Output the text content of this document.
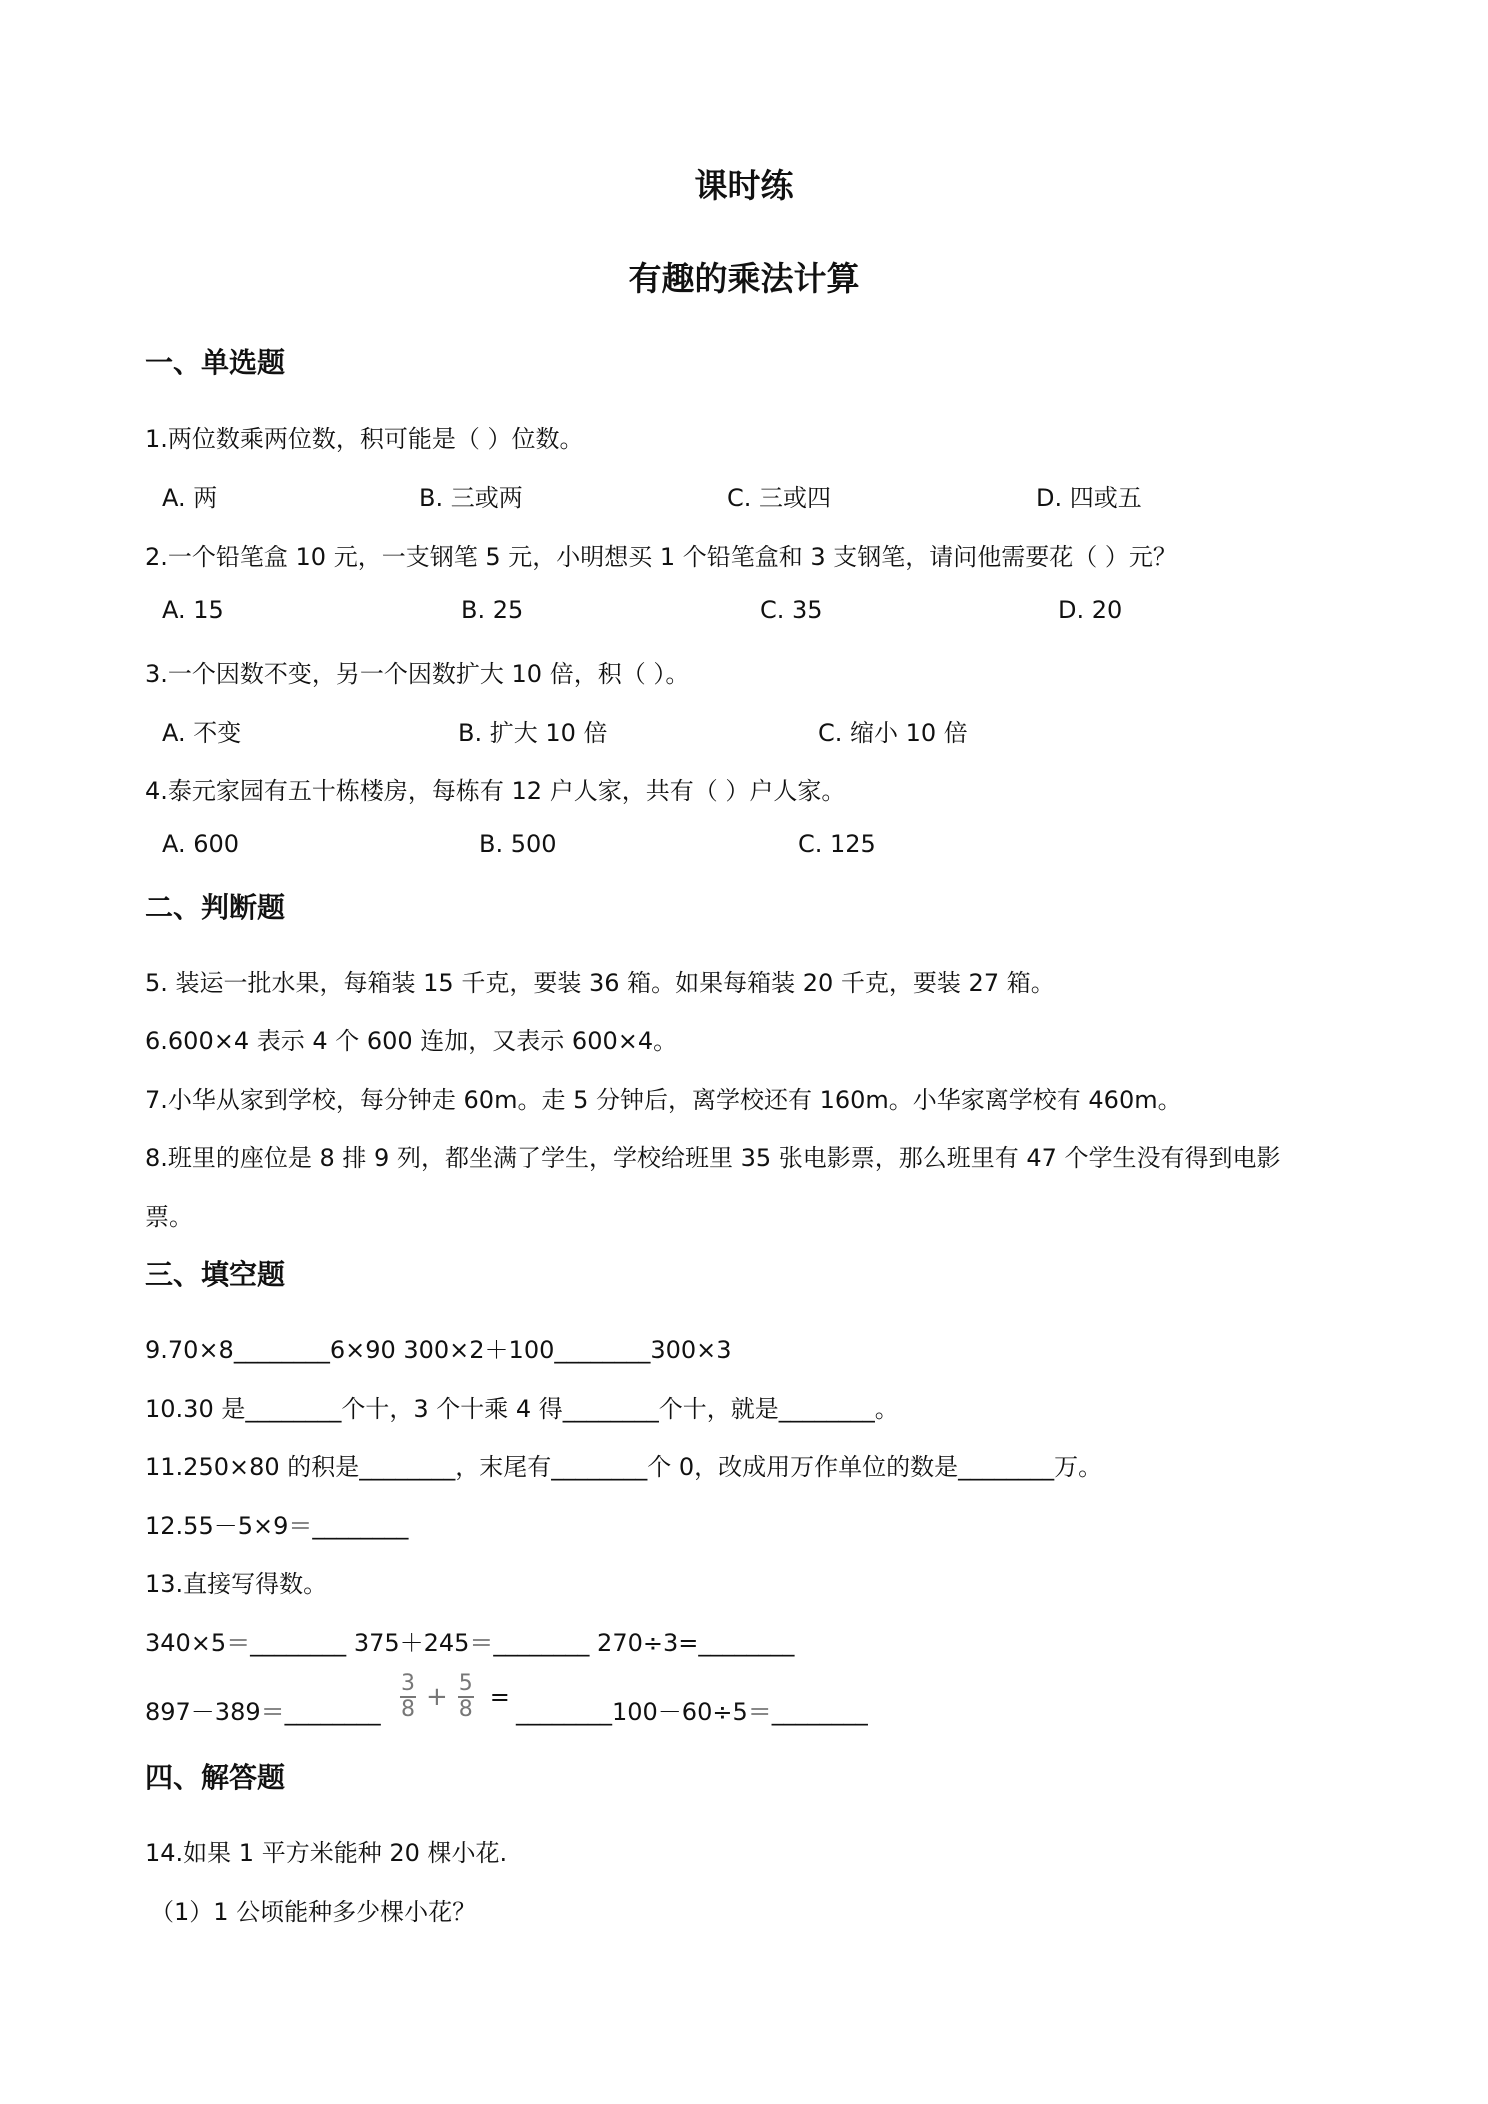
课时练
有趣的乘法计算
一、单选题
1.两位数乘两位数，积可能是（ ）位数。
A. 两	B. 三或两	C. 三或四	D. 四或五
2.一个铅笔盒 10 元，一支钢笔 5 元，小明想买 1 个铅笔盒和 3 支钢笔，请问他需要花（ ）元？
A. 15	B. 25	C. 35	D. 20
3.一个因数不变，另一个因数扩大 10 倍，积（ ）。
A. 不变	B. 扩大 10 倍	C. 缩小 10 倍
4.泰元家园有五十栋楼房，每栋有 12 户人家，共有（ ）户人家。
A. 600	B. 500	C. 125
二、判断题
5. 装运一批水果，每箱装 15 千克，要装 36 箱。如果每箱装 20 千克，要装 27 箱。
6.600×4 表示 4 个 600 连加，又表示 600×4。
7.小华从家到学校，每分钟走 60m。走 5 分钟后，离学校还有 160m。小华家离学校有 460m。
8.班里的座位是 8 排 9 列，都坐满了学生，学校给班里 35 张电影票，那么班里有 47 个学生没有得到电影
票。
三、填空题
9.70×8________6×90 300×2＋100________300×3
10.30 是________个十，3 个十乘 4 得________个十，就是________。
11.250×80 的积是________，末尾有________个 0，改成用万作单位的数是________万。
12.55－5×9＝________
13.直接写得数。
340×5＝________ 375＋245＝________ 270÷3=________
897－389＝________
3
8 + 5
8 =
________100－60÷5＝________
四、解答题
14.如果 1 平方米能种 20 棵小花.
（1）1 公顷能种多少棵小花？
